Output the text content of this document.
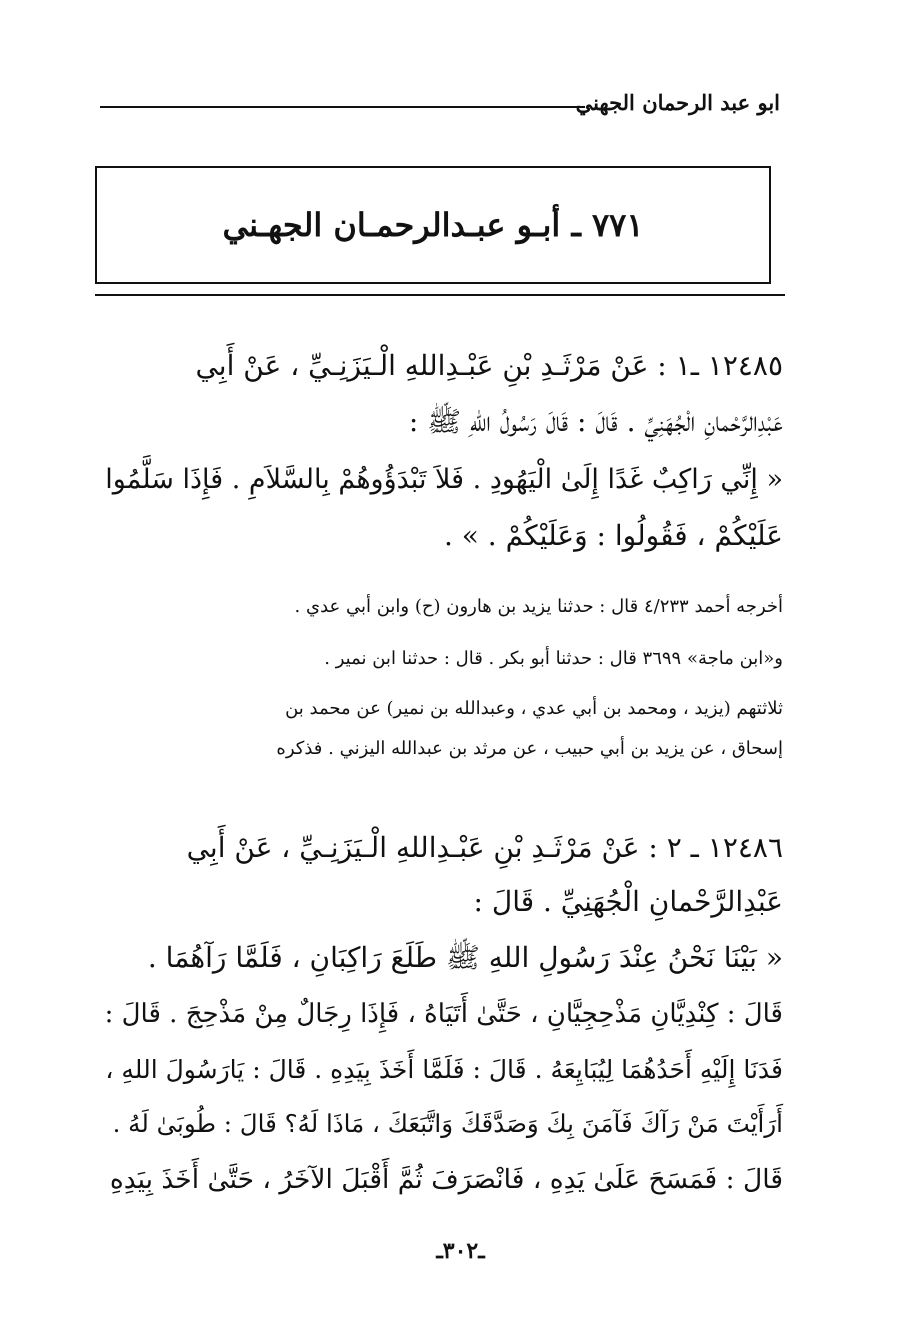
ابو عبد الرحمان الجهني
٧٧١ ـ أبـو عبـدالرحمـان الجهـني
١٢٤٨٥ ـ١ : عَنْ مَرْثَـدِ بْنِ عَبْـدِاللهِ الْـيَزَنِـيِّ ، عَنْ أَبِي
عَبْدِالرَّحْمانِ الْجُهَنِيِّ . قَالَ : قَالَ رَسُولُ اللهِ ﷺ :
« إِنِّي رَاكِبٌ غَدًا إِلَىٰ الْيَهُودِ . فَلاَ تَبْدَؤُوهُمْ بِالسَّلاَمِ . فَإِذَا سَلَّمُوا
عَلَيْكُمْ ، فَقُولُوا : وَعَلَيْكُمْ . » .
أخرجه أحمد ٤/٢٣٣ قال : حدثنا يزيد بن هارون (ح) وابن أبي عدي .
و«ابن ماجة» ٣٦٩٩ قال : حدثنا أبو بكر . قال : حدثنا ابن نمير .
ثلاثتهم (يزيد ، ومحمد بن أبي عدي ، وعبدالله بن نمير) عن محمد بن
إسحاق ، عن يزيد بن أبي حبيب ، عن مرثد بن عبدالله اليزني . فذكره
١٢٤٨٦ ـ ٢ : عَنْ مَرْثَـدِ بْنِ عَبْـدِاللهِ الْـيَزَنِـيِّ ، عَنْ أَبِي
عَبْدِالرَّحْمانِ الْجُهَنِيِّ . قَالَ :
« بَيْنَا نَحْنُ عِنْدَ رَسُولِ اللهِ ﷺ طَلَعَ رَاكِبَانِ ، فَلَمَّا رَآهُمَا .
قَالَ : كِنْدِيَّانِ مَذْحِجِيَّانِ ، حَتَّىٰ أَتَيَاهُ ، فَإِذَا رِجَالٌ مِنْ مَذْحِجَ . قَالَ :
فَدَنَا إِلَيْهِ أَحَدُهُمَا لِيُبَايِعَهُ . قَالَ : فَلَمَّا أَخَذَ بِيَدِهِ . قَالَ : يَارَسُولَ اللهِ ،
أَرَأَيْتَ مَنْ رَآكَ فَآمَنَ بِكَ وَصَدَّقَكَ وَاتَّبَعَكَ ، مَاذَا لَهُ؟ قَالَ : طُوبَىٰ لَهُ .
قَالَ : فَمَسَحَ عَلَىٰ يَدِهِ ، فَانْصَرَفَ ثُمَّ أَقْبَلَ الآخَرُ ، حَتَّىٰ أَخَذَ بِيَدِهِ
ـ٣٠٢ـ
